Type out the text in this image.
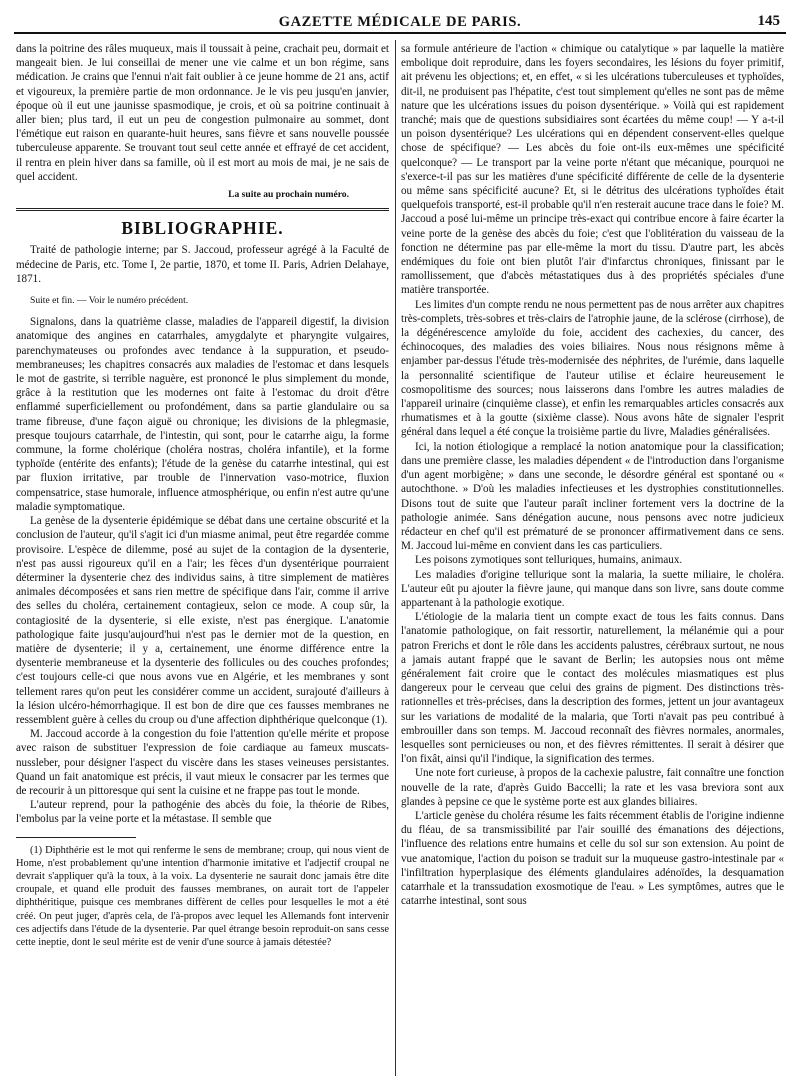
GAZETTE MÉDICALE DE PARIS.	145

dans la poitrine des râles muqueux, mais il toussait à peine, crachait peu, dormait et mangeait bien. Je lui conseillai de mener une vie calme et un bon régime, sans médication. Je crains que l'ennui n'ait fait oublier à ce jeune homme de 21 ans, actif et vigoureux, la première partie de mon ordonnance. Je le vis peu jusqu'en janvier, époque où il eut une jaunisse spasmodique, je crois, et où sa poitrine continuait à aller bien; plus tard, il eut un peu de congestion pulmonaire au sommet, dont l'émétique eut raison en quarante-huit heures, sans fièvre et sans nouvelle poussée tuberculeuse apparente. Se trouvant tout seul cette année et effrayé de cet accident, il rentra en plein hiver dans sa famille, où il est mort au mois de mai, je ne sais de quel accident.

La suite au prochain numéro.
BIBLIOGRAPHIE.

Traité de pathologie interne; par S. Jaccoud, professeur agrégé à la Faculté de médecine de Paris, etc. Tome I, 2e partie, 1870, et tome II. Paris, Adrien Delahaye, 1871.

Suite et fin. — Voir le numéro précédent.

Signalons, dans la quatrième classe, maladies de l'appareil digestif, la division anatomique des angines en catarrhales, amygdalyte et pharyngite vulgaires, parenchymateuses ou profondes avec tendance à la suppuration, et pseudo-membraneuses; les chapitres consacrés aux maladies de l'estomac et dans lesquels le mot de gastrite, si terrible naguère, est prononcé le plus simplement du monde, grâce à la restitution que les modernes ont faite à l'estomac du droit d'être enflammé superficiellement ou profondément, dans sa partie glandulaire ou sa trame fibreuse, d'une façon aiguë ou chronique; les divisions de la phlegmasie, presque toujours catarrhale, de l'intestin, qui sont, pour le catarrhe aigu, la forme commune, la forme cholérique (choléra nostras, choléra infantile), et la forme typhoïde (entérite des enfants); l'étude de la genèse du catarrhe intestinal, qui est par fluxion irritative, par trouble de l'innervation vaso-motrice, fluxion compensatrice, stase humorale, influence atmosphérique, ou enfin n'est autre qu'une maladie symptomatique.

La genèse de la dysenterie épidémique se débat dans une certaine obscurité et la conclusion de l'auteur, qu'il s'agit ici d'un miasme animal, peut être regardée comme provisoire. L'espèce de dilemme, posé au sujet de la contagion de la dysenterie, n'est pas aussi rigoureux qu'il en a l'air; les fèces d'un dysentérique pourraient déterminer la dysenterie chez des individus sains, à titre simplement de matières animales décomposées et sans rien mettre de spécifique dans l'air, comme il arrive des selles du choléra, certainement contagieux, selon ce mode. A coup sûr, la contagiosité de la dysenterie, si elle existe, n'est pas énergique. L'anatomie pathologique faite jusqu'aujourd'hui n'est pas le dernier mot de la question, en matière de dysenterie; il y a, certainement, une énorme différence entre la dysenterie membraneuse et la dysenterie des follicules ou des couches profondes; c'est toujours celle-ci que nous avons vue en Algérie, et les membranes y sont tellement rares qu'on peut les considérer comme un accident, surajouté d'ailleurs à la lésion ulcéro-hémorrhagique. Il est bon de dire que ces fausses membranes ne ressemblent guère à celles du croup ou d'une affection diphthérique quelconque (1).

M. Jaccoud accorde à la congestion du foie l'attention qu'elle mérite et propose avec raison de substituer l'expression de foie cardiaque au fameux muscats-nussleber, pour désigner l'aspect du viscère dans les stases veineuses persistantes. Quand un fait anatomique est précis, il vaut mieux le consacrer par les termes que de recourir à un pittoresque qui sent la cuisine et ne frappe pas tout le monde.

L'auteur reprend, pour la pathogénie des abcès du foie, la théorie de Ribes, l'embolus par la veine porte et la métastase. Il semble que

(1) Diphthérie est le mot qui renferme le sens de membrane; croup, qui nous vient de Home, n'est probablement qu'une intention d'harmonie imitative et l'adjectif croupal ne devrait s'appliquer qu'à la toux, à la voix. La dysenterie ne saurait donc jamais être dite croupale, et quand elle produit des fausses membranes, on aurait tort de l'appeler diphthéritique, puisque ces membranes diffèrent de celles pour lesquelles le mot a été créé. On peut juger, d'après cela, de l'à-propos avec lequel les Allemands font intervenir ces adjectifs dans l'étude de la dysenterie. Par quel étrange besoin reproduit-on sans cesse cette ineptie, dont le seul mérite est de venir d'une source à jamais détestée?

sa formule antérieure de l'action « chimique ou catalytique » par laquelle la matière embolique doit reproduire, dans les foyers secondaires, les lésions du foyer primitif, ait prévenu les objections; et, en effet, « si les ulcérations tuberculeuses et typhoïdes, dit-il, ne produisent pas l'hépatite, c'est tout simplement qu'elles ne sont pas de même nature que les ulcérations issues du poison dysentérique. » Voilà qui est rapidement tranché; mais que de questions subsidiaires sont écartées du même coup! — Y a-t-il un poison dysentérique? Les ulcérations qui en dépendent conservent-elles quelque chose de spécifique? — Les abcès du foie ont-ils eux-mêmes une spécificité quelconque? — Le transport par la veine porte n'étant que mécanique, pourquoi ne s'exerce-t-il pas sur les matières d'une spécificité différente de celle de la dysenterie ou même sans spécificité aucune? Et, si le détritus des ulcérations typhoïdes était quelquefois transporté, est-il probable qu'il n'en resterait aucune trace dans le foie? M. Jaccoud a posé lui-même un principe très-exact qui contribue encore à faire écarter la veine porte de la genèse des abcès du foie; c'est que l'oblitération du vaisseau de la fonction ne détermine pas par elle-même la mort du tissu. D'autre part, les abcès endémiques du foie ont bien plutôt l'air d'infarctus chroniques, finissant par le ramollissement, que d'abcès métastatiques dus à des propriétés spéciales d'une matière transportée.

Les limites d'un compte rendu ne nous permettent pas de nous arrêter aux chapitres très-complets, très-sobres et très-clairs de l'atrophie jaune, de la sclérose (cirrhose), de la dégénérescence amyloïde du foie, accident des cachexies, du cancer, des échinocoques, des maladies des voies biliaires. Nous nous résignons même à enjamber par-dessus l'étude très-modernisée des néphrites, de l'urémie, dans laquelle la personnalité scientifique de l'auteur utilise et éclaire heureusement le cosmopolitisme des sources; nous laisserons dans l'ombre les autres maladies de l'appareil urinaire (cinquième classe), et enfin les remarquables articles consacrés aux rhumatismes et à la goutte (sixième classe). Nous avons hâte de signaler l'esprit général dans lequel a été conçue la troisième partie du livre, Maladies généralisées.

Ici, la notion étiologique a remplacé la notion anatomique pour la classification; dans une première classe, les maladies dépendent « de l'introduction dans l'organisme d'un agent morbigène; » dans une seconde, le désordre général est spontané ou « autochthone. » D'où les maladies infectieuses et les dystrophies constitutionnelles. Disons tout de suite que l'auteur paraît incliner fortement vers la doctrine de la pathologie animée. Sans dénégation aucune, nous pensons avec notre judicieux rédacteur en chef qu'il est prématuré de se prononcer affirmativement dans ce sens. M. Jaccoud lui-même en convient dans les cas particuliers.

Les poisons zymotiques sont telluriques, humains, animaux.

Les maladies d'origine tellurique sont la malaria, la suette miliaire, le choléra. L'auteur eût pu ajouter la fièvre jaune, qui manque dans son livre, sans doute comme appartenant à la pathologie exotique.

L'étiologie de la malaria tient un compte exact de tous les faits connus. Dans l'anatomie pathologique, on fait ressortir, naturellement, la mélanémie qui a pour patron Frerichs et dont le rôle dans les accidents palustres, cérébraux surtout, ne nous a jamais autant frappé que le savant de Berlin; les autopsies nous ont même généralement fait croire que le contact des molécules miasmatiques est plus dangereux pour le cerveau que celui des grains de pigment. Des distinctions très-rationnelles et très-précises, dans la description des formes, jettent un jour avantageux sur les variations de modalité de la malaria, que Torti n'avait pas peu contribué à embrouiller dans son temps. M. Jaccoud reconnaît des fièvres normales, anormales, lesquelles sont pernicieuses ou non, et des fièvres rémittentes. Il serait à désirer que l'on fixât, ainsi qu'il l'indique, la signification des termes.

Une note fort curieuse, à propos de la cachexie palustre, fait connaître une fonction nouvelle de la rate, d'après Guido Baccelli; la rate et les vasa breviora sont aux glandes à pepsine ce que le système porte est aux glandes biliaires.

L'article genèse du choléra résume les faits récemment établis de l'origine indienne du fléau, de sa transmissibilité par l'air souillé des émanations des déjections, l'influence des relations entre humains et celle du sol sur son extension. Au point de vue anatomique, l'action du poison se traduit sur la muqueuse gastro-intestinale par « l'infiltration hyperplasique des éléments glandulaires adénoïdes, la desquamation catarrhale et la transsudation exosmotique de l'eau. » Les symptômes, autres que le catarrhe intestinal, sont sous
